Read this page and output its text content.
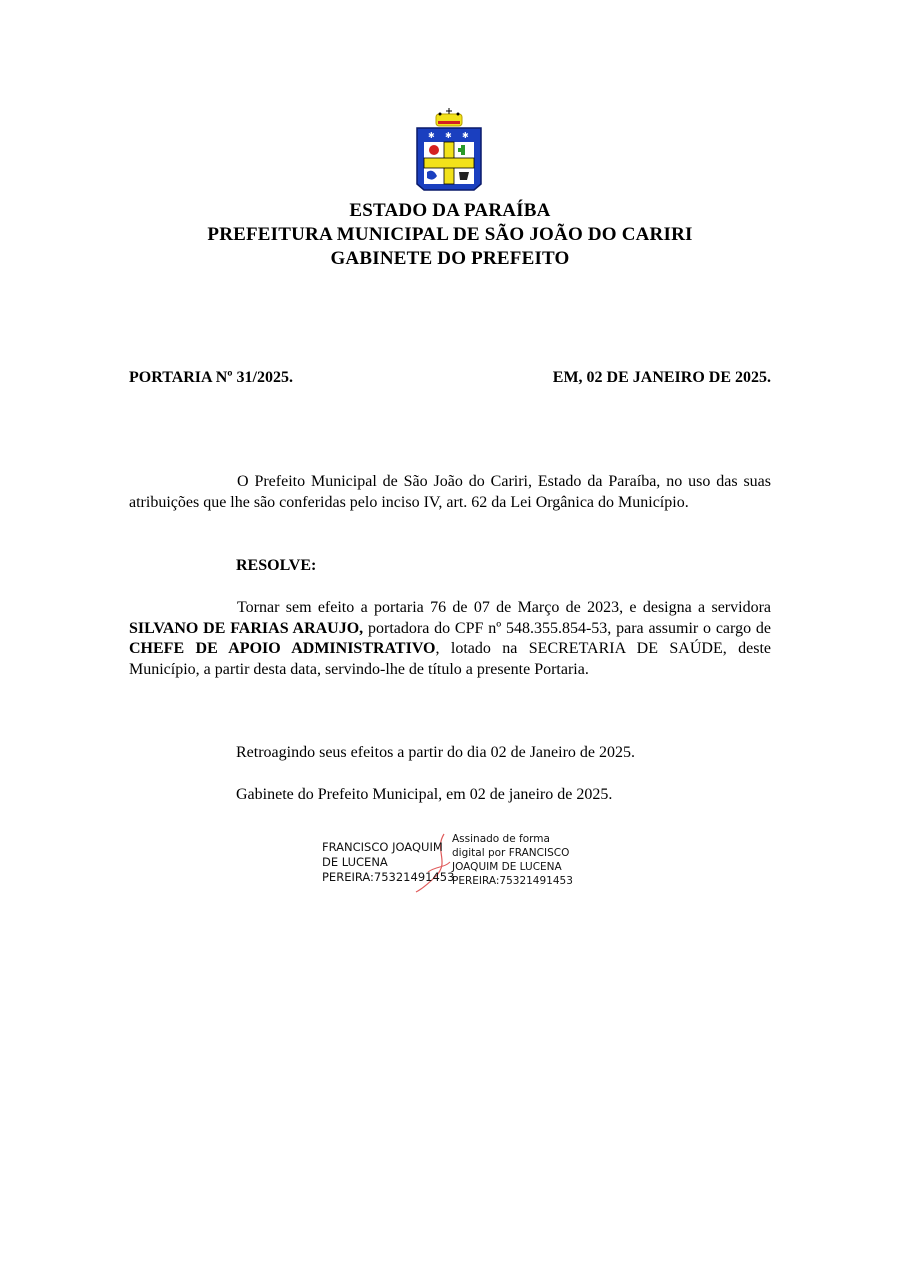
✱ ✱ ✱
ESTADO DA PARAÍBA
PREFEITURA MUNICIPAL DE SÃO JOÃO DO CARIRI
GABINETE DO PREFEITO
PORTARIA Nº 31/2025.	EM, 02 DE JANEIRO DE 2025.
O Prefeito Municipal de São João do Cariri, Estado da Paraíba, no uso das suas atribuições que lhe são conferidas pelo inciso IV, art. 62 da Lei Orgânica do Município.
RESOLVE:
Tornar sem efeito a portaria 76 de 07 de Março de 2023, e designa a servidora SILVANO DE FARIAS ARAUJO, portadora do CPF nº 548.355.854-53, para assumir o cargo de CHEFE DE APOIO ADMINISTRATIVO, lotado na SECRETARIA DE SAÚDE, deste Município, a partir desta data, servindo-lhe de título a presente Portaria.
Retroagindo seus efeitos a partir do dia 02 de Janeiro de 2025.
Gabinete do Prefeito Municipal, em 02 de janeiro de 2025.
FRANCISCO JOAQUIM
DE LUCENA
PEREIRA:75321491453
Assinado de forma
digital por FRANCISCO
JOAQUIM DE LUCENA
PEREIRA:75321491453
